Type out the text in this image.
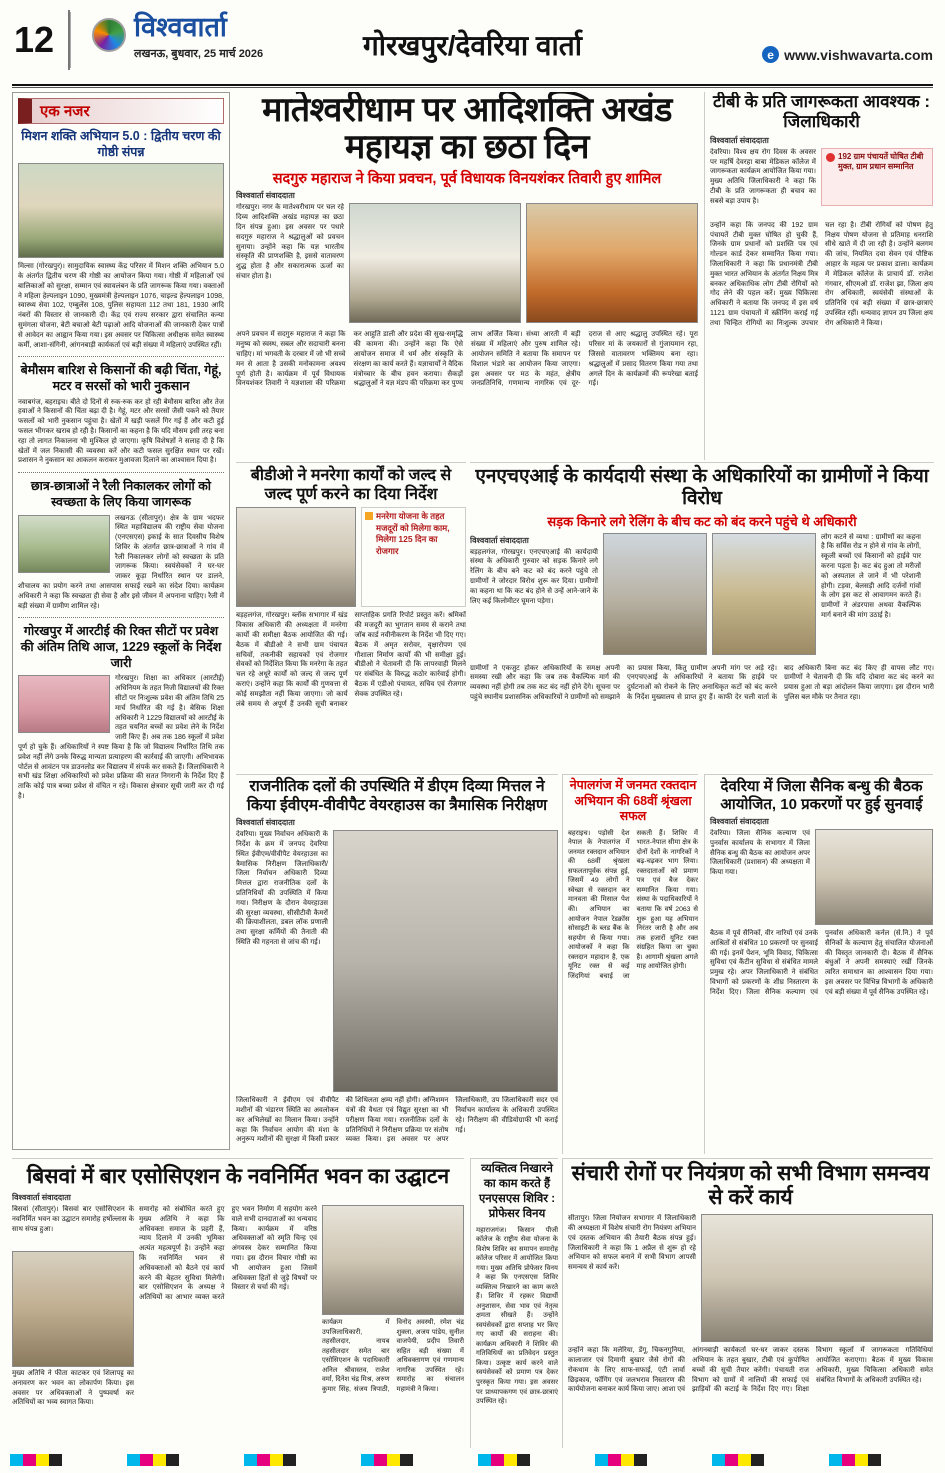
12	विश्ववार्ता
लखनऊ, बुधवार, 25 मार्च 2026	गोरखपुर/देवरिया वार्ता	e www.vishwavarta.com
एक नजर
मिशन शक्ति अभियान 5.0 : द्वितीय चरण की गोष्ठी संपन्न
मिल्सा (गोरखपुर)। सामुदायिक स्वास्थ्य केंद्र परिसर में मिशन शक्ति अभियान 5.0 के अंतर्गत द्वितीय चरण की गोष्ठी का आयोजन किया गया। गोष्ठी में महिलाओं एवं बालिकाओं को सुरक्षा, सम्मान एवं स्वावलंबन के प्रति जागरूक किया गया। वक्ताओं ने महिला हेल्पलाइन 1090, मुख्यमंत्री हेल्पलाइन 1076, चाइल्ड हेल्पलाइन 1098, स्वास्थ्य सेवा 102, एम्बुलेंस 108, पुलिस सहायता 112 तथा 181, 1930 आदि नंबरों की विस्तार से जानकारी दी। केंद्र एवं राज्य सरकार द्वारा संचालित कन्या सुमंगला योजना, बेटी बचाओ बेटी पढ़ाओ आदि योजनाओं की जानकारी देकर पात्रों से आवेदन का आह्वान किया गया। इस अवसर पर चिकित्सा अधीक्षक समेत स्वास्थ्य कर्मी, आशा-संगिनी, आंगनबाड़ी कार्यकर्ता एवं बड़ी संख्या में महिलाएं उपस्थित रहीं।
बेमौसम बारिश से किसानों की बढ़ी चिंता, गेहूं, मटर व सरसों को भारी नुकसान
नवाबगंज, बहराइच। बीते दो दिनों से रुक-रुक कर हो रही बेमौसम बारिश और तेज हवाओं ने किसानों की चिंता बढ़ा दी है। गेहूं, मटर और सरसों जैसी पकने को तैयार फसलों को भारी नुकसान पहुंचा है। खेतों में खड़ी फसलें गिर गई हैं और कटी हुई फसल भीगकर खराब हो रही है। किसानों का कहना है कि यदि मौसम इसी तरह बना रहा तो लागत निकालना भी मुश्किल हो जाएगा। कृषि विशेषज्ञों ने सलाह दी है कि खेतों में जल निकासी की व्यवस्था करें और कटी फसल सुरक्षित स्थान पर रखें। प्रशासन ने नुकसान का आकलन कराकर मुआवजा दिलाने का आश्वासन दिया है।
छात्र-छात्राओं ने रैली निकालकर लोगों को स्वच्छता के लिए किया जागरूक
लखनऊ (सीतापुर)। क्षेत्र के ग्राम भदफर स्थित महाविद्यालय की राष्ट्रीय सेवा योजना (एनएसएस) इकाई के सात दिवसीय विशेष शिविर के अंतर्गत छात्र-छात्राओं ने गांव में रैली निकालकर लोगों को स्वच्छता के प्रति जागरूक किया। स्वयंसेवकों ने घर-घर जाकर कूड़ा निर्धारित स्थान पर डालने, शौचालय का प्रयोग करने तथा आसपास सफाई रखने का संदेश दिया। कार्यक्रम अधिकारी ने कहा कि स्वच्छता ही सेवा है और इसे जीवन में अपनाना चाहिए। रैली में बड़ी संख्या में ग्रामीण शामिल रहे।
गोरखपुर में आरटीई की रिक्त सीटों पर प्रवेश की अंतिम तिथि आज, 1229 स्कूलों के निर्देश जारी
गोरखपुर। शिक्षा का अधिकार (आरटीई) अधिनियम के तहत निजी विद्यालयों की रिक्त सीटों पर निःशुल्क प्रवेश की अंतिम तिथि 25 मार्च निर्धारित की गई है। बेसिक शिक्षा अधिकारी ने 1229 विद्यालयों को आरटीई के तहत चयनित बच्चों का प्रवेश लेने के निर्देश जारी किए हैं। अब तक 186 स्कूलों में प्रवेश पूर्ण हो चुके हैं। अधिकारियों ने स्पष्ट किया है कि जो विद्यालय निर्धारित तिथि तक प्रवेश नहीं लेंगे उनके विरुद्ध मान्यता प्रत्याहरण की कार्रवाई की जाएगी। अभिभावक पोर्टल से आवंटन पत्र डाउनलोड कर विद्यालय में संपर्क कर सकते हैं। जिलाधिकारी ने सभी खंड शिक्षा अधिकारियों को प्रवेश प्रक्रिया की सतत निगरानी के निर्देश दिए हैं ताकि कोई पात्र बच्चा प्रवेश से वंचित न रहे। विकास क्षेत्रवार सूची जारी कर दी गई है।
मातेश्वरीधाम पर आदिशक्ति अखंड महायज्ञ का छठा दिन
सदगुरु महाराज ने किया प्रवचन, पूर्व विधायक विनयशंकर तिवारी हुए शामिल
विश्ववार्ता संवाददाता
गोरखपुर। नगर के मातेश्वरीधाम पर चल रहे दिव्य आदिशक्ति अखंड महायज्ञ का छठा दिन संपन्न हुआ। इस अवसर पर पधारे सदगुरु महाराज ने श्रद्धालुओं को प्रवचन सुनाया। उन्होंने कहा कि यज्ञ भारतीय संस्कृति की प्राणशक्ति है, इससे वातावरण शुद्ध होता है और सकारात्मक ऊर्जा का संचार होता है।
अपने प्रवचन में सदगुरु महाराज ने कहा कि मनुष्य को स्वस्थ, सबल और सदाचारी बनना चाहिए। मां भगवती के दरबार में जो भी सच्चे मन से आता है उसकी मनोकामना अवश्य पूर्ण होती है। कार्यक्रम में पूर्व विधायक विनयशंकर तिवारी ने यज्ञशाला की परिक्रमा कर आहुति डाली और प्रदेश की सुख-समृद्धि की कामना की। उन्होंने कहा कि ऐसे आयोजन समाज में धर्म और संस्कृति के संरक्षण का कार्य करते हैं। यज्ञाचार्यों ने वैदिक मंत्रोच्चार के बीच हवन कराया। सैकड़ों श्रद्धालुओं ने यज्ञ मंडप की परिक्रमा कर पुण्य लाभ अर्जित किया। संध्या आरती में बड़ी संख्या में महिलाएं और पुरुष शामिल रहे। आयोजन समिति ने बताया कि समापन पर विशाल भंडारे का आयोजन किया जाएगा। इस अवसर पर मठ के महंत, क्षेत्रीय जनप्रतिनिधि, गणमान्य नागरिक एवं दूर-दराज से आए श्रद्धालु उपस्थित रहे। पूरा परिसर मां के जयकारों से गुंजायमान रहा, जिससे वातावरण भक्तिमय बना रहा। श्रद्धालुओं में प्रसाद वितरण किया गया तथा अगले दिन के कार्यक्रमों की रूपरेखा बताई गई।
टीबी के प्रति जागरूकता आवश्यक : जिलाधिकारी
विश्ववार्ता संवाददाता
देवरिया। विश्व क्षय रोग दिवस के अवसर पर महर्षि देवरहा बाबा मेडिकल कॉलेज में जागरूकता कार्यक्रम आयोजित किया गया। मुख्य अतिथि जिलाधिकारी ने कहा कि टीबी के प्रति जागरूकता ही बचाव का सबसे बड़ा उपाय है।
192 ग्राम पंचायतें घोषित टीबी मुक्त, ग्राम प्रधान सम्मानित
उन्होंने कहा कि जनपद की 192 ग्राम पंचायतें टीबी मुक्त घोषित हो चुकी हैं, जिनके ग्राम प्रधानों को प्रशस्ति पत्र एवं गोल्डन कार्ड देकर सम्मानित किया गया। जिलाधिकारी ने कहा कि प्रधानमंत्री टीबी मुक्त भारत अभियान के अंतर्गत निक्षय मित्र बनकर अधिकाधिक लोग टीबी रोगियों को गोद लेने की पहल करें। मुख्य चिकित्सा अधिकारी ने बताया कि जनपद में इस वर्ष 1121 ग्राम पंचायतों में स्क्रीनिंग कराई गई तथा चिन्हित रोगियों का निःशुल्क उपचार चल रहा है। टीबी रोगियों को पोषण हेतु निक्षय पोषण योजना से प्रतिमाह धनराशि सीधे खाते में दी जा रही है। उन्होंने बलगम की जांच, नियमित दवा सेवन एवं पौष्टिक आहार के महत्व पर प्रकाश डाला। कार्यक्रम में मेडिकल कॉलेज के प्राचार्य डॉ. राजेश गंगवार, सीएमओ डॉ. राजेश झा, जिला क्षय रोग अधिकारी, स्वयंसेवी संस्थाओं के प्रतिनिधि एवं बड़ी संख्या में छात्र-छात्राएं उपस्थित रहीं। धन्यवाद ज्ञापन उप जिला क्षय रोग अधिकारी ने किया।
बीडीओ ने मनरेगा कार्यों को जल्द से जल्द पूर्ण करने का दिया निर्देश
मनरेगा योजना के तहत मजदूरों को मिलेगा काम, मिलेगा 125 दिन का रोजगार
बड़हलगंज, गोरखपुर। ब्लॉक सभागार में खंड विकास अधिकारी की अध्यक्षता में मनरेगा कार्यों की समीक्षा बैठक आयोजित की गई। बैठक में बीडीओ ने सभी ग्राम पंचायत सचिवों, तकनीकी सहायकों एवं रोजगार सेवकों को निर्देशित किया कि मनरेगा के तहत चल रहे अधूरे कार्यों को जल्द से जल्द पूर्ण कराएं। उन्होंने कहा कि कार्यों की गुणवत्ता से कोई समझौता नहीं किया जाएगा। जो कार्य लंबे समय से अपूर्ण हैं उनकी सूची बनाकर साप्ताहिक प्रगति रिपोर्ट प्रस्तुत करें। श्रमिकों की मजदूरी का भुगतान समय से कराने तथा जॉब कार्ड नवीनीकरण के निर्देश भी दिए गए। बैठक में अमृत सरोवर, वृक्षारोपण एवं गौशाला निर्माण कार्यों की भी समीक्षा हुई। बीडीओ ने चेतावनी दी कि लापरवाही मिलने पर संबंधित के विरुद्ध कठोर कार्रवाई होगी। बैठक में एडीओ पंचायत, सचिव एवं रोजगार सेवक उपस्थित रहे।
एनएचएआई के कार्यदायी संस्था के अधिकारियों का ग्रामीणों ने किया विरोध
सड़क किनारे लगे रेलिंग के बीच कट को बंद करने पहुंचे थे अधिकारी
विश्ववार्ता संवाददाता
बड़हलगंज, गोरखपुर। एनएचएआई की कार्यदायी संस्था के अधिकारी गुरुवार को सड़क किनारे लगे रेलिंग के बीच बने कट को बंद करने पहुंचे तो ग्रामीणों ने जोरदार विरोध शुरू कर दिया। ग्रामीणों का कहना था कि कट बंद होने से उन्हें आने-जाने के लिए कई किलोमीटर घूमना पड़ेगा।
लोग कटने से व्यथा : ग्रामीणों का कहना है कि सर्विस रोड न होने से गांव के लोगों, स्कूली बच्चों एवं किसानों को हाईवे पार करना पड़ता है। कट बंद हुआ तो मरीजों को अस्पताल ले जाने में भी परेशानी होगी। टड़वा, बेलसड़ी आदि दर्जनों गांवों के लोग इस कट से आवागमन करते हैं। ग्रामीणों ने अंडरपास अथवा वैकल्पिक मार्ग बनाने की मांग उठाई है।
ग्रामीणों ने एकजुट होकर अधिकारियों के समक्ष अपनी समस्या रखी और कहा कि जब तक वैकल्पिक मार्ग की व्यवस्था नहीं होगी तब तक कट बंद नहीं होने देंगे। सूचना पर पहुंचे स्थानीय प्रशासनिक अधिकारियों ने ग्रामीणों को समझाने का प्रयास किया, किंतु ग्रामीण अपनी मांग पर अड़े रहे। एनएचएआई के अधिकारियों ने बताया कि हाईवे पर दुर्घटनाओं को रोकने के लिए अनाधिकृत कटों को बंद करने के निर्देश मुख्यालय से प्राप्त हुए हैं। काफी देर चली वार्ता के बाद अधिकारी बिना कट बंद किए ही वापस लौट गए। ग्रामीणों ने चेतावनी दी कि यदि दोबारा कट बंद करने का प्रयास हुआ तो बड़ा आंदोलन किया जाएगा। इस दौरान भारी पुलिस बल मौके पर तैनात रहा।
राजनीतिक दलों की उपस्थिति में डीएम दिव्या मित्तल ने किया ईवीएम-वीवीपैट वेयरहाउस का त्रैमासिक निरीक्षण
विश्ववार्ता संवाददाता
देवरिया। मुख्य निर्वाचन अधिकारी के निर्देश के क्रम में जनपद देवरिया स्थित ईवीएम/वीवीपैट वेयरहाउस का त्रैमासिक निरीक्षण जिलाधिकारी/जिला निर्वाचन अधिकारी दिव्या मित्तल द्वारा राजनीतिक दलों के प्रतिनिधियों की उपस्थिति में किया गया। निरीक्षण के दौरान वेयरहाउस की सुरक्षा व्यवस्था, सीसीटीवी कैमरों की क्रियाशीलता, डबल लॉक प्रणाली तथा सुरक्षा कर्मियों की तैनाती की स्थिति की गहनता से जांच की गई।
जिलाधिकारी ने ईवीएम एवं वीवीपैट मशीनों की भंडारण स्थिति का अवलोकन कर अभिलेखों का मिलान किया। उन्होंने कहा कि निर्वाचन आयोग की मंशा के अनुरूप मशीनों की सुरक्षा में किसी प्रकार की शिथिलता क्षम्य नहीं होगी। अग्निशमन यंत्रों की वैधता एवं विद्युत सुरक्षा का भी परीक्षण किया गया। राजनीतिक दलों के प्रतिनिधियों ने निरीक्षण प्रक्रिया पर संतोष व्यक्त किया। इस अवसर पर अपर जिलाधिकारी, उप जिलाधिकारी सदर एवं निर्वाचन कार्यालय के अधिकारी उपस्थित रहे। निरीक्षण की वीडियोग्राफी भी कराई गई।
नेपालगंज में जनमत रक्तदान अभियान की 68वीं श्रृंखला सफल
बहराइच। पड़ोसी देश नेपाल के नेपालगंज में जनमत रक्तदान अभियान की 68वीं श्रृंखला सफलतापूर्वक संपन्न हुई, जिसमें 49 लोगों ने स्वेच्छा से रक्तदान कर मानवता की मिसाल पेश की। अभियान का आयोजन नेपाल रेडक्रॉस सोसाइटी के ब्लड बैंक के सहयोग से किया गया। आयोजकों ने कहा कि रक्तदान महादान है, एक यूनिट रक्त से कई जिंदगियां बचाई जा सकती हैं। शिविर में भारत-नेपाल सीमा क्षेत्र के दोनों देशों के नागरिकों ने बढ़-चढ़कर भाग लिया। रक्तदाताओं को प्रमाण पत्र एवं बैज देकर सम्मानित किया गया। संस्था के पदाधिकारियों ने बताया कि वर्ष 2063 से शुरू हुआ यह अभियान निरंतर जारी है और अब तक हजारों यूनिट रक्त संग्रहित किया जा चुका है। आगामी श्रृंखला अगले माह आयोजित होगी।
देवरिया में जिला सैनिक बन्धु की बैठक आयोजित, 10 प्रकरणों पर हुई सुनवाई
विश्ववार्ता संवाददाता
देवरिया। जिला सैनिक कल्याण एवं पुनर्वास कार्यालय के सभागार में जिला सैनिक बन्धु की बैठक का आयोजन अपर जिलाधिकारी (प्रशासन) की अध्यक्षता में किया गया।
बैठक में पूर्व सैनिकों, वीर नारियों एवं उनके आश्रितों से संबंधित 10 प्रकरणों पर सुनवाई की गई। इनमें पेंशन, भूमि विवाद, चिकित्सा सुविधा एवं कैंटीन सुविधा से संबंधित मामले प्रमुख रहे। अपर जिलाधिकारी ने संबंधित विभागों को प्रकरणों के शीघ्र निस्तारण के निर्देश दिए। जिला सैनिक कल्याण एवं पुनर्वास अधिकारी कर्नल (से.नि.) ने पूर्व सैनिकों के कल्याण हेतु संचालित योजनाओं की विस्तृत जानकारी दी। बैठक में सैनिक बंधुओं ने अपनी समस्याएं रखीं जिनके त्वरित समाधान का आश्वासन दिया गया। इस अवसर पर विभिन्न विभागों के अधिकारी एवं बड़ी संख्या में पूर्व सैनिक उपस्थित रहे।
बिसवां में बार एसोसिएशन के नवनिर्मित भवन का उद्घाटन
विश्ववार्ता संवाददाता
बिसवां (सीतापुर)। बिसवां बार एसोसिएशन के नवनिर्मित भवन का उद्घाटन समारोह हर्षोल्लास के साथ संपन्न हुआ।
मुख्य अतिथि ने फीता काटकर एवं शिलापट्ट का अनावरण कर भवन का लोकार्पण किया। इस अवसर पर अधिवक्ताओं ने पुष्पवर्षा कर अतिथियों का भव्य स्वागत किया।
समारोह को संबोधित करते हुए मुख्य अतिथि ने कहा कि अधिवक्ता समाज के प्रहरी हैं, न्याय दिलाने में उनकी भूमिका अत्यंत महत्वपूर्ण है। उन्होंने कहा कि नवनिर्मित भवन से अधिवक्ताओं को बैठने एवं कार्य करने की बेहतर सुविधा मिलेगी। बार एसोसिएशन के अध्यक्ष ने अतिथियों का आभार व्यक्त करते हुए भवन निर्माण में सहयोग करने वाले सभी दानदाताओं का धन्यवाद किया। कार्यक्रम में वरिष्ठ अधिवक्ताओं को स्मृति चिन्ह एवं अंगवस्त्र देकर सम्मानित किया गया। इस दौरान विचार गोष्ठी का भी आयोजन हुआ जिसमें अधिवक्ता हितों से जुड़े विषयों पर विस्तार से चर्चा की गई।
कार्यक्रम में उपजिलाधिकारी, तहसीलदार, नायब तहसीलदार समेत बार एसोसिएशन के पदाधिकारी अनिल श्रीवास्तव, राजेश वर्मा, दिनेश चंद्र मिश्र, अरुण कुमार सिंह, संजय त्रिपाठी, विनोद अवस्थी, रमेश चंद्र शुक्ला, अजय पांडेय, सुनील वाजपेयी, प्रदीप तिवारी सहित बड़ी संख्या में अधिवक्तागण एवं गणमान्य नागरिक उपस्थित रहे। समारोह का संचालन महामंत्री ने किया।
व्यक्तित्व निखारने का काम करते हैं एनएसएस शिविर : प्रोफेसर विनय
महाराजगंज। किसान पीजी कॉलेज के राष्ट्रीय सेवा योजना के विशेष शिविर का समापन समारोह कॉलेज परिसर में आयोजित किया गया। मुख्य अतिथि प्रोफेसर विनय ने कहा कि एनएसएस शिविर व्यक्तित्व निखारने का काम करते हैं। शिविर में रहकर विद्यार्थी अनुशासन, सेवा भाव एवं नेतृत्व क्षमता सीखते हैं। उन्होंने स्वयंसेवकों द्वारा सप्ताह भर किए गए कार्यों की सराहना की। कार्यक्रम अधिकारी ने शिविर की गतिविधियों का प्रतिवेदन प्रस्तुत किया। उत्कृष्ट कार्य करने वाले स्वयंसेवकों को प्रमाण पत्र देकर पुरस्कृत किया गया। इस अवसर पर प्राध्यापकगण एवं छात्र-छात्राएं उपस्थित रहे।
संचारी रोगों पर नियंत्रण को सभी विभाग समन्वय से करें कार्य
सीतापुर। जिला नियोजन सभागार में जिलाधिकारी की अध्यक्षता में विशेष संचारी रोग नियंत्रण अभियान एवं दस्तक अभियान की तैयारी बैठक संपन्न हुई। जिलाधिकारी ने कहा कि 1 अप्रैल से शुरू हो रहे अभियान को सफल बनाने में सभी विभाग आपसी समन्वय से कार्य करें।
उन्होंने कहा कि मलेरिया, डेंगू, चिकनगुनिया, कालाजार एवं दिमागी बुखार जैसे रोगों की रोकथाम के लिए साफ-सफाई, एंटी लार्वा छिड़काव, फॉगिंग एवं जलभराव निस्तारण की कार्ययोजना बनाकर कार्य किया जाए। आशा एवं आंगनबाड़ी कार्यकर्ता घर-घर जाकर दस्तक अभियान के तहत बुखार, टीबी एवं कुपोषित बच्चों की सूची तैयार करेंगी। पंचायती राज विभाग को ग्रामों में नालियों की सफाई एवं झाड़ियों की कटाई के निर्देश दिए गए। शिक्षा विभाग स्कूलों में जागरूकता गतिविधियां आयोजित कराएगा। बैठक में मुख्य विकास अधिकारी, मुख्य चिकित्सा अधिकारी समेत संबंधित विभागों के अधिकारी उपस्थित रहे।
